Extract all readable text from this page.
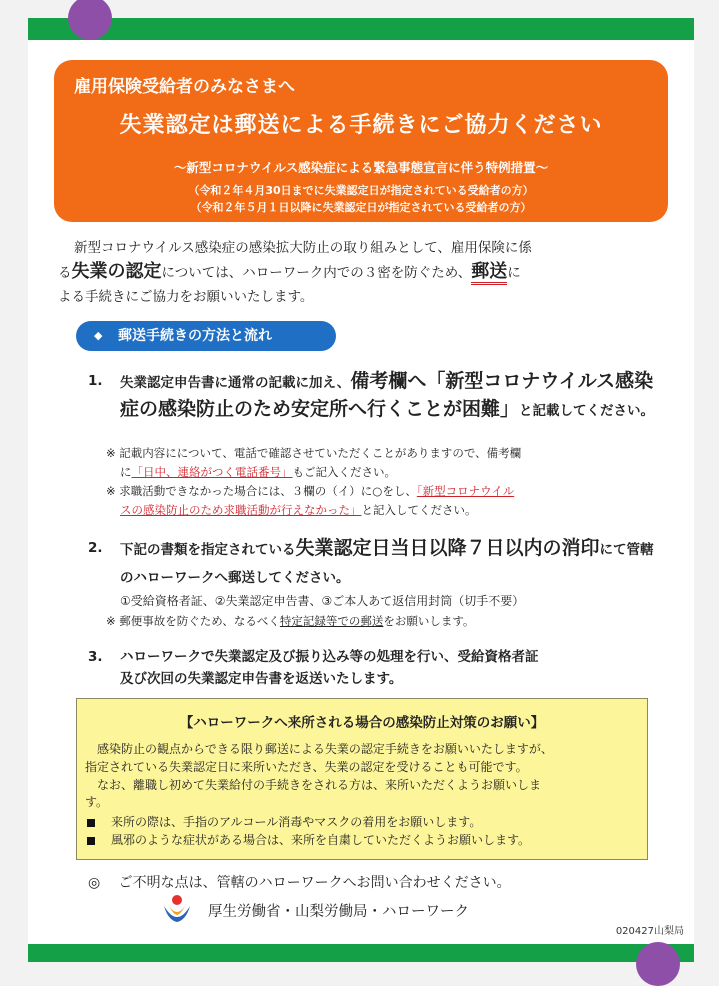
雇用保険受給者のみなさまへ
失業認定は郵送による手続きにご協力ください
～新型コロナウイルス感染症による緊急事態宣言に伴う特例措置～
（令和２年４月30日までに失業認定日が指定されている受給者の方）
（令和２年５月１日以降に失業認定日が指定されている受給者の方）
新型コロナウイルス感染症の感染拡大防止の取り組みとして、雇用保険に係
る失業の認定については、ハローワーク内での３密を防ぐため、郵送に
よる手続きにご協力をお願いいたします。
◆ 郵送手続きの方法と流れ
1. 失業認定申告書に通常の記載に加え、備考欄へ「新型コロナウイルス感染症の感染防止のため安定所へ行くことが困難」と記載してください。
※ 記載内容にについて、電話で確認させていただくことがありますので、備考欄
に「日中、連絡がつく電話番号」もご記入ください。
※ 求職活動できなかった場合には、３欄の（イ）に○をし、「新型コロナウイル
スの感染防止のため求職活動が行えなかった」と記入してください。
2. 下記の書類を指定されている失業認定日当日以降７日以内の消印にて管轄のハローワークへ郵送してください。
①受給資格者証、②失業認定申告書、③ご本人あて返信用封筒（切手不要）
※ 郵便事故を防ぐため、なるべく特定記録等での郵送をお願いします。
3. ハローワークで失業認定及び振り込み等の処理を行い、受給資格者証
及び次回の失業認定申告書を返送いたします。
【ハローワークへ来所される場合の感染防止対策のお願い】
感染防止の観点からできる限り郵送による失業の認定手続きをお願いいたしますが、
指定されている失業認定日に来所いただき、失業の認定を受けることも可能です。
なお、離職し初めて失業給付の手続きをされる方は、来所いただくようお願いしま
す。
来所の際は、手指のアルコール消毒やマスクの着用をお願いします。
風邪のような症状がある場合は、来所を自粛していただくようお願いします。
◎ ご不明な点は、管轄のハローワークへお問い合わせください。
厚生労働省・山梨労働局・ハローワーク
020427山梨局
